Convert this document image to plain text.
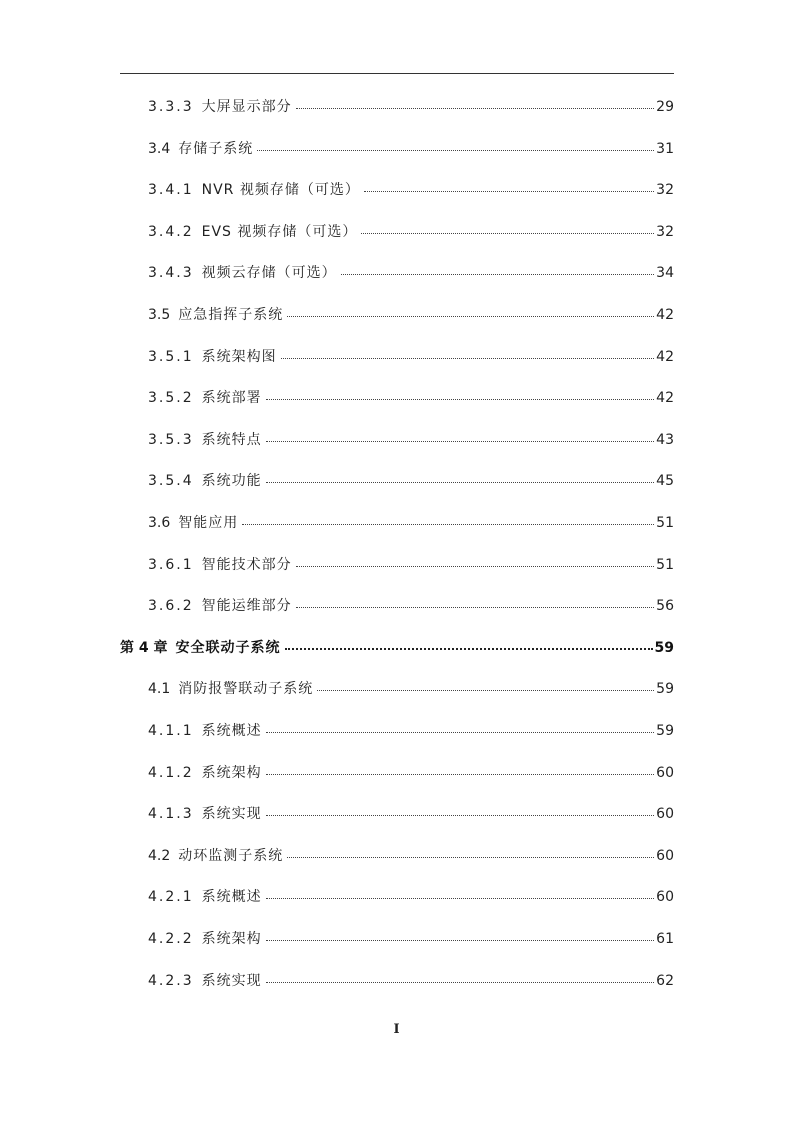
3.3.3 大屏显示部分	29
3.4 存储子系统	31
3.4.1 NVR 视频存储（可选）	32
3.4.2 EVS 视频存储（可选）	32
3.4.3 视频云存储（可选）	34
3.5 应急指挥子系统	42
3.5.1 系统架构图	42
3.5.2 系统部署	42
3.5.3 系统特点	43
3.5.4 系统功能	45
3.6 智能应用	51
3.6.1 智能技术部分	51
3.6.2 智能运维部分	56
第 4 章 安全联动子系统	59
4.1 消防报警联动子系统	59
4.1.1 系统概述	59
4.1.2 系统架构	60
4.1.3 系统实现	60
4.2 动环监测子系统	60
4.2.1 系统概述	60
4.2.2 系统架构	61
4.2.3 系统实现	62
I
